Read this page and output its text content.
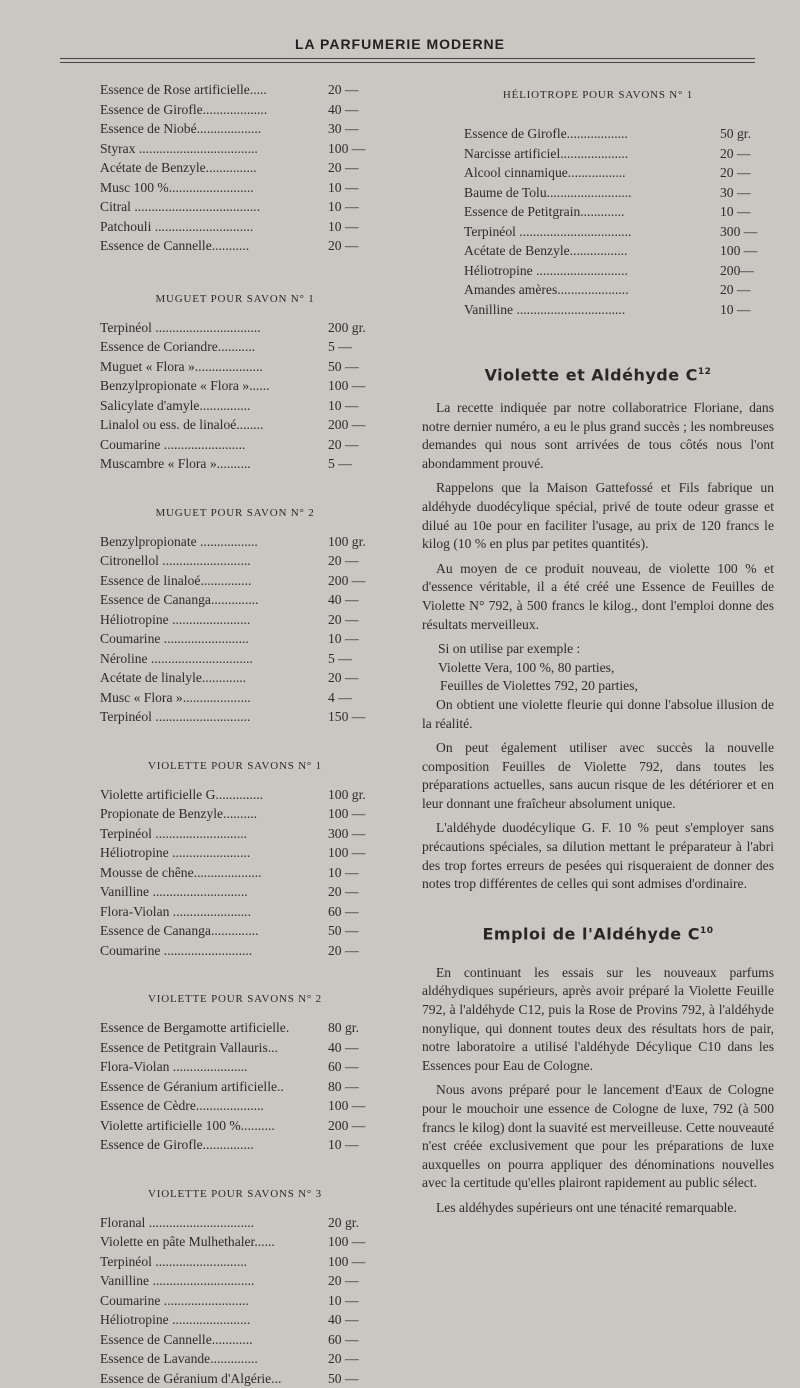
LA PARFUMERIE MODERNE
Essence de Rose artificielle.....	20 —
Essence de Girofle...................	40 —
Essence de Niobé...................	30 —
Styrax ...................................	100 —
Acétate de Benzyle...............	20 —
Musc 100 %.........................	10 —
Citral .....................................	10 —
Patchouli .............................	10 —
Essence de Cannelle...........	20 —
MUGUET POUR SAVON N° 1
Terpinéol ...............................	200 gr.
Essence de Coriandre...........	5 —
Muguet « Flora »....................	50 —
Benzylpropionate « Flora »......	100 —
Salicylate d'amyle...............	10 —
Linalol ou ess. de linaloé........	200 —
Coumarine ........................	20 —
Muscambre « Flora »..........	5 —
MUGUET POUR SAVON N° 2
Benzylpropionate .................	100 gr.
Citronellol ..........................	20 —
Essence de linaloé...............	200 —
Essence de Cananga..............	40 —
Héliotropine .......................	20 —
Coumarine .........................	10 —
Néroline ..............................	5 —
Acétate de linalyle.............	20 —
Musc « Flora »....................	4 —
Terpinéol ............................	150 —
VIOLETTE POUR SAVONS N° 1
Violette artificielle G..............	100 gr.
Propionate de Benzyle..........	100 —
Terpinéol ...........................	300 —
Héliotropine .......................	100 —
Mousse de chêne....................	10 —
Vanilline ............................	20 —
Flora-Violan .......................	60 —
Essence de Cananga..............	50 —
Coumarine ..........................	20 —
VIOLETTE POUR SAVONS N° 2
Essence de Bergamotte artificielle.	80 gr.
Essence de Petitgrain Vallauris...	40 —
Flora-Violan ......................	60 —
Essence de Géranium artificielle..	80 —
Essence de Cèdre....................	100 —
Violette artificielle 100 %..........	200 —
Essence de Girofle...............	10 —
VIOLETTE POUR SAVONS N° 3
Floranal ...............................	20 gr.
Violette en pâte Mulhethaler......	100 —
Terpinéol ...........................	100 —
Vanilline ..............................	20 —
Coumarine .........................	10 —
Héliotropine .......................	40 —
Essence de Cannelle............	60 —
Essence de Lavande..............	20 —
Essence de Géranium d'Algérie...	50 —
HÉLIOTROPE POUR SAVONS N° 1
Essence de Girofle..................	50 gr.
Narcisse artificiel....................	20 —
Alcool cinnamique.................	20 —
Baume de Tolu.........................	30 —
Essence de Petitgrain.............	10 —
Terpinéol .................................	300 —
Acétate de Benzyle.................	100 —
Héliotropine ...........................	200—
Amandes amères.....................	20 —
Vanilline ................................	10 —
Violette et Aldéhyde $C^{12}$

La recette indiquée par notre collaboratrice Floriane, dans notre dernier numéro, a eu le plus grand succès ; les nombreuses demandes qui nous sont arrivées de tous côtés nous l'ont abondamment prouvé.

Rappelons que la Maison Gattefossé et Fils fabrique un aldéhyde duodécylique spécial, privé de toute odeur grasse et dilué au 10e pour en faciliter l'usage, au prix de 120 francs le kilog (10 % en plus par petites quantités).

Au moyen de ce produit nouveau, de violette 100 % et d'essence véritable, il a été créé une Essence de Feuilles de Violette N° 792, à 500 francs le kilog., dont l'emploi donne des résultats merveilleux.

Si on utilise par exemple :

Violette Vera, 100 %, 80 parties,

Feuilles de Violettes 792, 20 parties,

On obtient une violette fleurie qui donne l'absolue illusion de la réalité.

On peut également utiliser avec succès la nouvelle composition Feuilles de Violette 792, dans toutes les préparations actuelles, sans aucun risque de les détériorer et en leur donnant une fraîcheur absolument unique.

L'aldéhyde duodécylique G. F. 10 % peut s'employer sans précautions spéciales, sa dilution mettant le préparateur à l'abri des trop fortes erreurs de pesées qui risqueraient de donner des notes trop différentes de celles qui sont admises d'ordinaire.

Emploi de l'Aldéhyde $C^{10}$

En continuant les essais sur les nouveaux parfums aldéhydiques supérieurs, après avoir préparé la Violette Feuille 792, à l'aldéhyde C12, puis la Rose de Provins 792, à l'aldéhyde nonylique, qui donnent toutes deux des résultats hors de pair, notre laboratoire a utilisé l'aldéhyde Décylique C10 dans les Essences pour Eau de Cologne.

Nous avons préparé pour le lancement d'Eaux de Cologne pour le mouchoir une essence de Cologne de luxe, 792 (à 500 francs le kilog) dont la suavité est merveilleuse. Cette nouveauté n'est créée exclusivement que pour les préparations de luxe auxquelles on pourra appliquer des dénominations nouvelles avec la certitude qu'elles plairont rapidement au public sélect.

Les aldéhydes supérieurs ont une ténacité remarquable.
